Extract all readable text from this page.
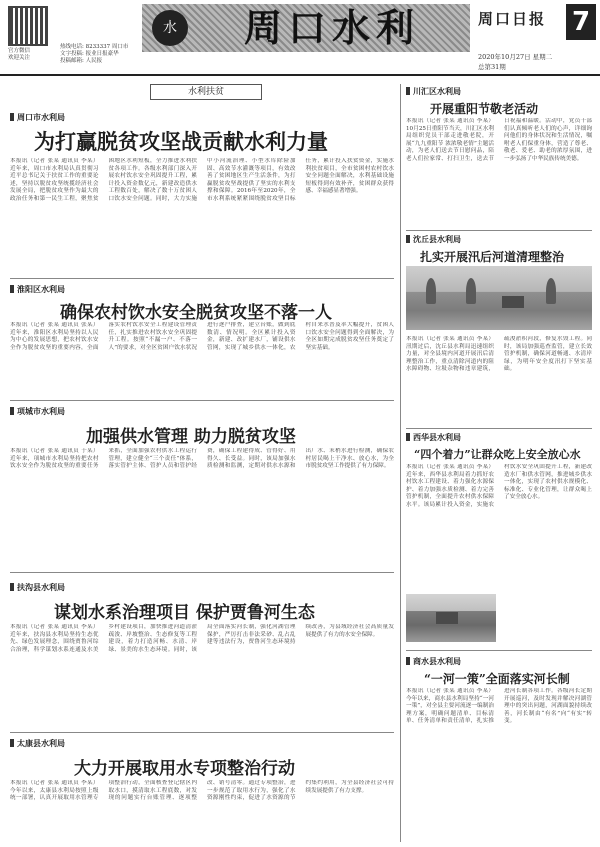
官方微信
欢迎关注
热线电话: 8233337 周口市
文字投稿: 报业日报豪华
投稿邮箱: 人民报
水	周口水利	周口日报 7
2020年10月27日 星期二
总第31期
水利扶贫
周口市水利局
为打赢脱贫攻坚战贡献水利力量
本报讯（记者 张某 通讯员 李某）近年来，周口市水利局认真贯彻习近平总书记关于扶贫工作的重要论述，坚持以脱贫攻坚统揽经济社会发展全局，把脱贫攻坚作为最大的政治任务和第一民生工程，聚焦贫困地区水利短板，全力推进水利扶贫各项工作。各级水利部门深入开展农村饮水安全巩固提升工程，累计投入资金数亿元，新建改造供水工程数百处，解决了数十万贫困人口饮水安全问题。同时，大力实施中小河流治理、小型水库除险加固、高效节水灌溉等项目，有效改善了贫困地区生产生活条件，为打赢脱贫攻坚战提供了坚实的水利支撑和保障。2016年至2020年，全市水利系统紧紧围绕脱贫攻坚目标任务，累计投入扶贫资金，实施水利扶贫项目，全市贫困村农村饮水安全问题全面解决，水利基础设施短板得到有效补齐，贫困群众获得感、幸福感显著增强。
淮阳区水利局
确保农村饮水安全脱贫攻坚不落一人
本报讯（记者 张某 通讯员 张某）近年来，淮阳区水利局坚持以人民为中心的发展思想，把农村饮水安全作为脱贫攻坚的重要内容，全面落实农村饮水安全工程建设管理责任，扎实推进农村饮水安全巩固提升工程。按照“不漏一户、不落一人”的要求，对全区贫困户饮水状况进行逐户排查，建立台账，做到底数清、情况明。全区累计投入资金，新建、改扩建水厂，铺设供水管网，实现了城乡供水一体化，农村自来水普及率大幅提升，贫困人口饮水安全问题得到全面解决，为全区如期完成脱贫攻坚任务奠定了坚实基础。
项城市水利局
加强供水管理 助力脱贫攻坚
本报讯（记者 张某 通讯员 于某）近年来，项城市水利局坚持把农村饮水安全作为脱贫攻坚的重要任务来抓，全面加强农村供水工程运行管理，建立健全“三个责任”体系，落实管护主体、管护人员和管护经费，确保工程建得成、管得好、用得久、长受益。同时，该局加强水质检测和监测，定期对供水水源和出厂水、末梢水进行检测，确保农村居民喝上干净水、放心水，为全市脱贫攻坚工作提供了有力保障。
扶沟县水利局
谋划水系治理项目 保护贾鲁河生态
本报讯（记者 张某 通讯员 李某）近年来，扶沟县水利局坚持生态优先、绿色发展理念，围绕贾鲁河综合治理，科学谋划水系连通及水美乡村建设项目，加快推进河道清淤疏浚、岸坡整治、生态修复等工程建设，着力打造河畅、水清、岸绿、景美的水生态环境。同时，该局全面落实河长制，强化河湖管理保护，严厉打击非法采砂、乱占乱建等违法行为，贾鲁河生态环境持续改善，为县域经济社会高质量发展提供了有力的水安全保障。
太康县水利局
大力开展取用水专项整治行动
本报讯（记者 张某 通讯员 李某）今年以来，太康县水利局按照上级统一部署，认真开展取用水管理专项整治行动，全面核查登记辖区内取水口，摸清取水工程底数，对发现的问题实行台账管理、逐项整改、销号清零。通过专项整治，进一步规范了取用水行为，强化了水资源刚性约束，促进了水资源的节约集约利用，为全县经济社会可持续发展提供了有力支撑。
川汇区水利局
开展重阳节敬老活动
本报讯（记者 张某 通讯员 李某）10月25日重阳节当天，川汇区水利局组织党员干部走进敬老院，开展“九九重阳节 浓浓敬老情”主题活动，为老人们送去节日慰问品，陪老人们拉家常、打扫卫生，送去节日祝福和温暖。活动中，党员干部们认真倾听老人们的心声，详细询问他们的身体状况和生活情况，嘱咐老人们保重身体，营造了尊老、敬老、爱老、助老的浓厚氛围，进一步弘扬了中华民族传统美德。
沈丘县水利局
扎实开展汛后河道清理整治
本报讯（记者 张某 通讯员 李某）汛期过后，沈丘县水利局迅速组织力量，对全县境内河道开展汛后清理整治工作，重点清除河道内的阻水障碍物、垃圾杂物和违章建筑，疏浚淤积河段，修复水毁工程。同时，该局加强巡查监管，建立长效管护机制，确保河道畅通、水清岸绿，为明年安全度汛打下坚实基础。
西华县水利局
“四个着力”让群众吃上安全放心水
本报讯（记者 张某 通讯员 李某）近年来，西华县水利局着力抓好农村饮水工程建设、着力强化水源保护、着力加强水质检测、着力完善管护机制，全面提升农村供水保障水平。该局累计投入资金，实施农村饮水安全巩固提升工程，新建改造水厂和供水管网，推进城乡供水一体化，实现了农村供水规模化、标准化、专业化管理，让群众喝上了安全放心水。
商水县水利局
“一河一策”全面落实河长制
本报讯（记者 张某 通讯员 李某）今年以来，商水县水利局坚持“一河一策”，对全县主要河流逐一编制治理方案，明确问题清单、目标清单、任务清单和责任清单，扎实推进河长制各项工作。各级河长定期开展巡河，及时发现并解决河湖管理中的突出问题，河湖面貌持续改善，河长制由“有名”向“有实”转变。
